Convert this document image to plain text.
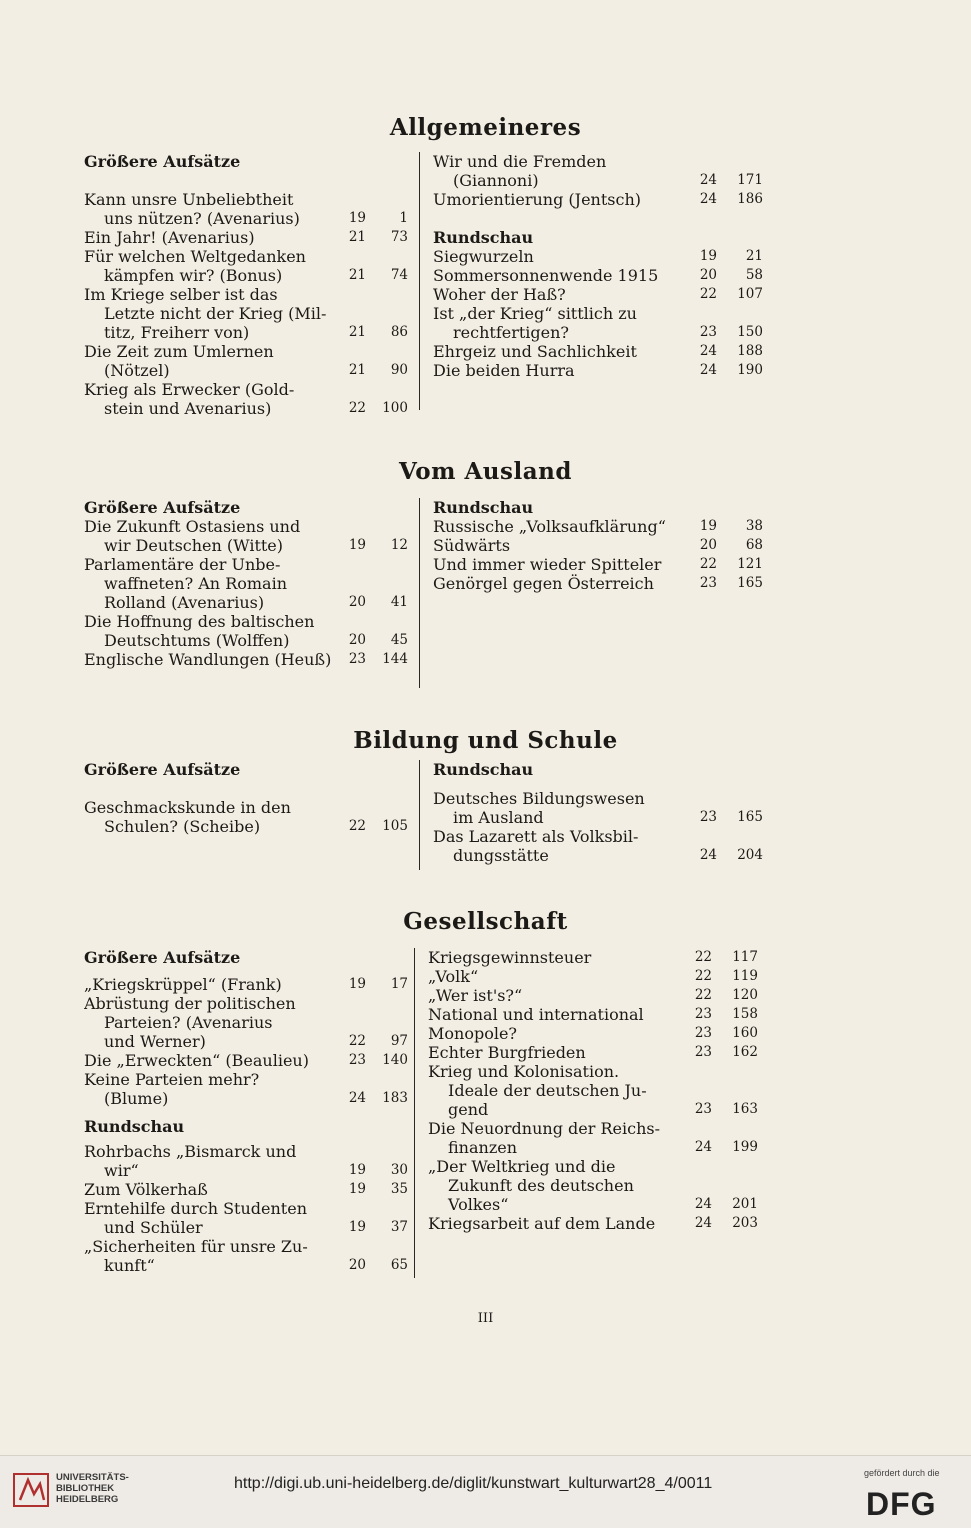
Allgemeineres
Größere Aufsätze
Kann unsre Unbeliebtheit
uns nützen? (Avenarius)	19	1
Ein Jahr! (Avenarius)	21	73
Für welchen Weltgedanken
kämpfen wir? (Bonus)	21	74
Im Kriege selber ist das
Letzte nicht der Krieg (Mil-
titz, Freiherr von)	21	86
Die Zeit zum Umlernen
(Nötzel)	21	90
Krieg als Erwecker (Gold-
stein und Avenarius)	22	100
Wir und die Fremden
(Giannoni)	24	171
Umorientierung (Jentsch)	24	186
Rundschau
Siegwurzeln	19	21
Sommersonnenwende 1915	20	58
Woher der Haß?	22	107
Ist „der Krieg“ sittlich zu
rechtfertigen?	23	150
Ehrgeiz und Sachlichkeit	24	188
Die beiden Hurra	24	190
Vom Ausland
Größere Aufsätze
Die Zukunft Ostasiens und
wir Deutschen (Witte)	19	12
Parlamentäre der Unbe-
waffneten? An Romain
Rolland (Avenarius)	20	41
Die Hoffnung des baltischen
Deutschtums (Wolffen)	20	45
Englische Wandlungen (Heuß)	23	144
Rundschau
Russische „Volksaufklärung“	19	38
Südwärts	20	68
Und immer wieder Spitteler	22	121
Genörgel gegen Österreich	23	165
Bildung und Schule
Größere Aufsätze
Geschmackskunde in den
Schulen? (Scheibe)	22	105
Rundschau
Deutsches Bildungswesen
im Ausland	23	165
Das Lazarett als Volksbil-
dungsstätte	24	204
Gesellschaft
Größere Aufsätze
„Kriegskrüppel“ (Frank)	19	17
Abrüstung der politischen
Parteien? (Avenarius
und Werner)	22	97
Die „Erweckten“ (Beaulieu)	23	140
Keine Parteien mehr?
(Blume)	24	183
Rundschau
Rohrbachs „Bismarck und
wir“	19	30
Zum Völkerhaß	19	35
Erntehilfe durch Studenten
und Schüler	19	37
„Sicherheiten für unsre Zu-
kunft“	20	65
Kriegsgewinnsteuer	22	117
„Volk“	22	119
„Wer ist's?“	22	120
National und international	23	158
Monopole?	23	160
Echter Burgfrieden	23	162
Krieg und Kolonisation.
Ideale der deutschen Ju-
gend	23	163
Die Neuordnung der Reichs-
finanzen	24	199
„Der Weltkrieg und die
Zukunft des deutschen
Volkes“	24	201
Kriegsarbeit auf dem Lande	24	203
III
UNIVERSITÄTS-
BIBLIOTHEK
HEIDELBERG
http://digi.ub.uni-heidelberg.de/diglit/kunstwart_kulturwart28_4/0011
gefördert durch die
DFG
